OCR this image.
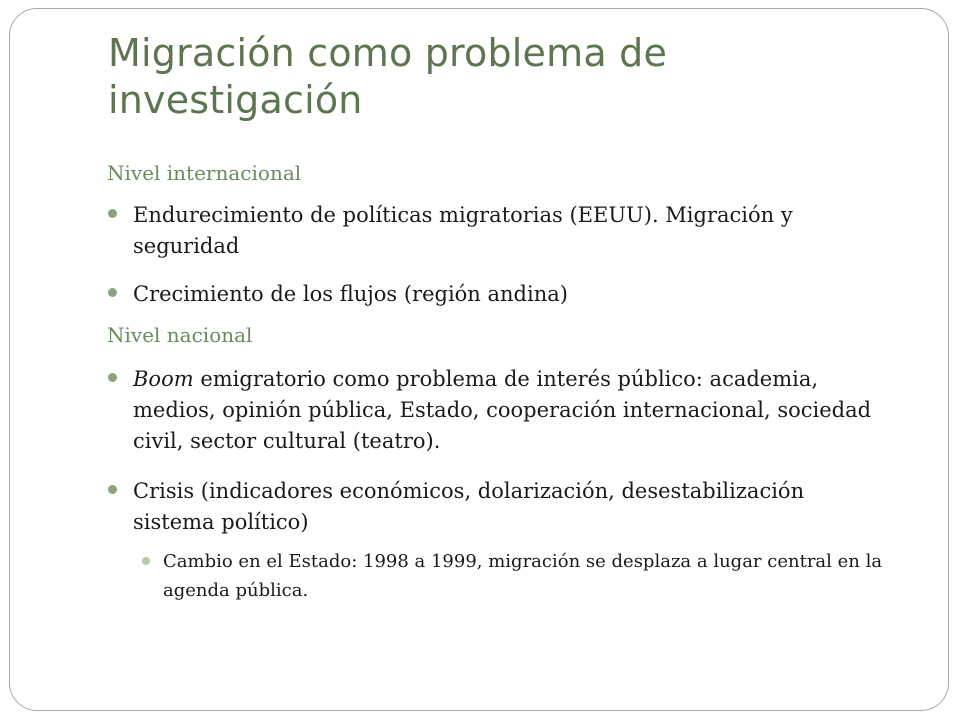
Migración como problema de investigación
Nivel internacional
Endurecimiento de políticas migratorias (EEUU). Migración y seguridad
Crecimiento de los flujos (región andina)
Nivel nacional
Boom emigratorio como problema de interés público: academia, medios, opinión pública, Estado, cooperación internacional, sociedad civil, sector cultural (teatro).
Crisis (indicadores económicos, dolarización, desestabilización sistema político)
Cambio en el Estado: 1998 a 1999, migración se desplaza a lugar central en la agenda pública.
